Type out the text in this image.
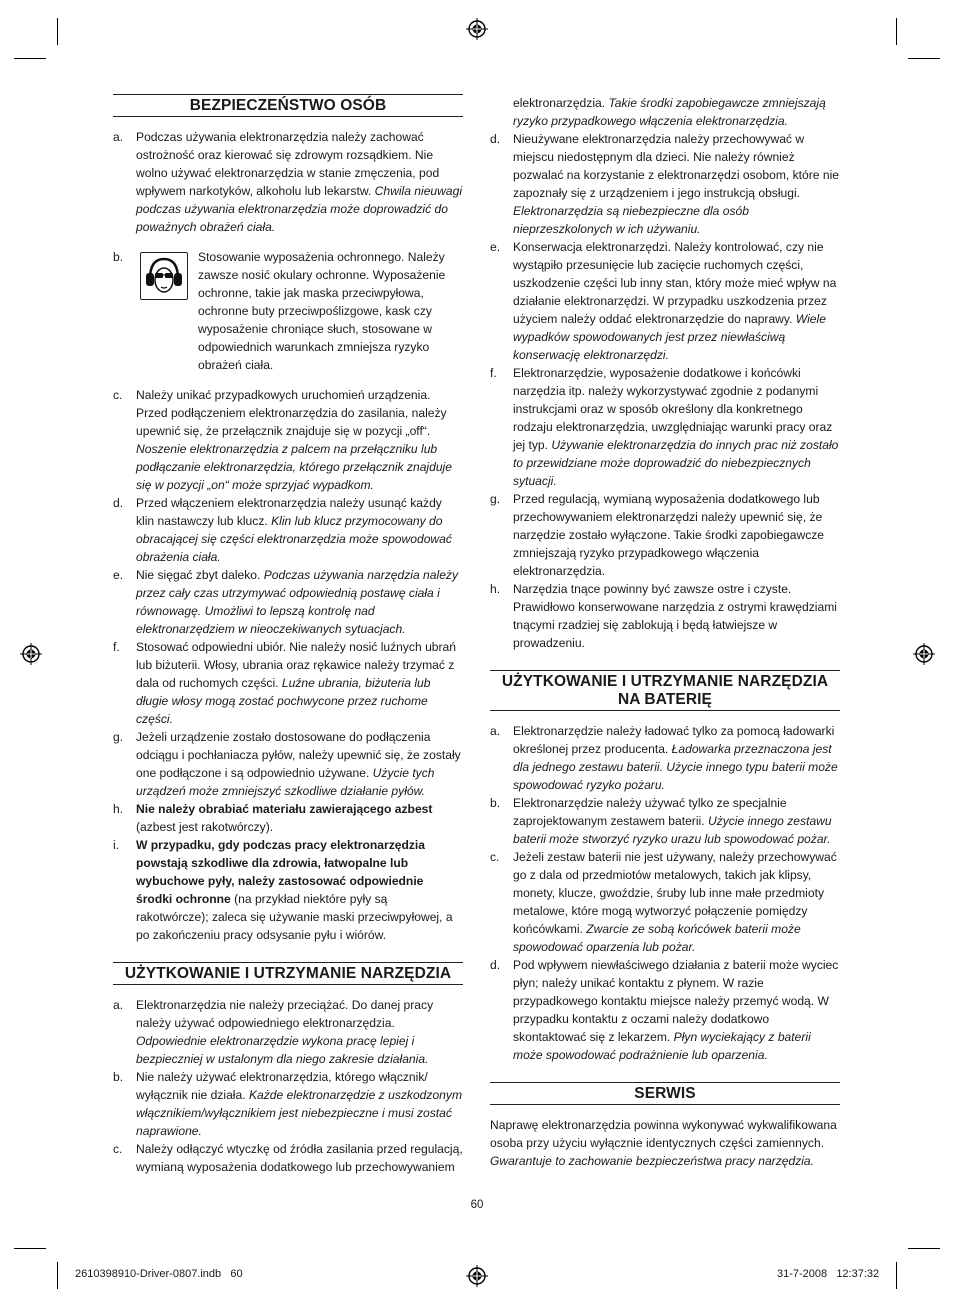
BEZPIECZEŃSTWO OSÓB
a. Podczas używania elektronarzędzia należy zachować ostrożność oraz kierować się zdrowym rozsądkiem. Nie wolno używać elektronarzędzia w stanie zmęczenia, pod wpływem narkotyków, alkoholu lub lekarstw. Chwila nieuwagi podczas używania elektronarzędzia może doprowadzić do poważnych obrażeń ciała.

b.	Stosowanie wyposażenia ochronnego. Należy zawsze nosić okulary ochronne. Wyposażenie ochronne, takie jak maska przeciwpyłowa, ochronne buty przeciwpoślizgowe, kask czy wyposażenie chroniące słuch, stosowane w odpowiednich warunkach zmniejsza ryzyko obrażeń ciała.

c. Należy unikać przypadkowych uruchomień urządzenia. Przed podłączeniem elektronarzędzia do zasilania, należy upewnić się, że przełącznik znajduje się w pozycji „off“. Noszenie elektronarzędzia z palcem na przełączniku lub podłączanie elektronarzędzia, którego przełącznik znajduje się w pozycji „on“ może sprzyjać wypadkom.

d. Przed włączeniem elektronarzędzia należy usunąć każdy klin nastawczy lub klucz. Klin lub klucz przymocowany do obracającej się części elektronarzędzia może spowodować obrażenia ciała.

e. Nie sięgać zbyt daleko. Podczas używania narzędzia należy przez cały czas utrzymywać odpowiednią postawę ciała i równowagę. Umożliwi to lepszą kontrolę nad elektronarzędziem w nieoczekiwanych sytuacjach.

f. Stosować odpowiedni ubiór. Nie należy nosić luźnych ubrań lub biżuterii. Włosy, ubrania oraz rękawice należy trzymać z dala od ruchomych części. Luźne ubrania, biżuteria lub długie włosy mogą zostać pochwycone przez ruchome części.

g. Jeżeli urządzenie zostało dostosowane do podłączenia odciągu i pochłaniacza pyłów, należy upewnić się, że zostały one podłączone i są odpowiednio używane. Użycie tych urządzeń może zmniejszyć szkodliwe działanie pyłów.

h. Nie należy obrabiać materiału zawierającego azbest (azbest jest rakotwórczy).

i. W przypadku, gdy podczas pracy elektronarzędzia powstają szkodliwe dla zdrowia, łatwopalne lub wybuchowe pyły, należy zastosować odpowiednie środki ochronne (na przykład niektóre pyły są rakotwórcze); zaleca się używanie maski przeciwpyłowej, a po zakończeniu pracy odsysanie pyłu i wiórów.

UŻYTKOWANIE I UTRZYMANIE NARZĘDZIA
a. Elektronarzędzia nie należy przeciążać. Do danej pracy należy używać odpowiedniego elektronarzędzia. Odpowiednie elektronarzędzie wykona pracę lepiej i bezpieczniej w ustalonym dla niego zakresie działania.

b. Nie należy używać elektronarzędzia, którego włącznik/ wyłącznik nie działa. Każde elektronarzędzie z uszkodzonym włącznikiem/wyłącznikiem jest niebezpieczne i musi zostać naprawione.

c. Należy odłączyć wtyczkę od źródła zasilania przed regulacją, wymianą wyposażenia dodatkowego lub przechowywaniem

elektronarzędzia. Takie środki zapobiegawcze zmniejszają ryzyko przypadkowego włączenia elektronarzędzia.

d. Nieużywane elektronarzędzia należy przechowywać w miejscu niedostępnym dla dzieci. Nie należy również pozwalać na korzystanie z elektronarzędzi osobom, które nie zapoznały się z urządzeniem i jego instrukcją obsługi. Elektronarzędzia są niebezpieczne dla osób nieprzeszkolonych w ich używaniu.

e. Konserwacja elektronarzędzi. Należy kontrolować, czy nie wystąpiło przesunięcie lub zacięcie ruchomych części, uszkodzenie części lub inny stan, który może mieć wpływ na działanie elektronarzędzi. W przypadku uszkodzenia przez użyciem należy oddać elektronarzędzie do naprawy. Wiele wypadków spowodowanych jest przez niewłaściwą konserwację elektronarzędzi.

f. Elektronarzędzie, wyposażenie dodatkowe i końcówki narzędzia itp. należy wykorzystywać zgodnie z podanymi instrukcjami oraz w sposób określony dla konkretnego rodzaju elektronarzędzia, uwzględniając warunki pracy oraz jej typ. Używanie elektronarzędzia do innych prac niż zostało to przewidziane może doprowadzić do niebezpiecznych sytuacji.

g. Przed regulacją, wymianą wyposażenia dodatkowego lub przechowywaniem elektronarzędzi należy upewnić się, że narzędzie zostało wyłączone. Takie środki zapobiegawcze zmniejszają ryzyko przypadkowego włączenia elektronarzędzia.

h. Narzędzia tnące powinny być zawsze ostre i czyste. Prawidłowo konserwowane narzędzia z ostrymi krawędziami tnącymi rzadziej się zablokują i będą łatwiejsze w prowadzeniu.

UŻYTKOWANIE I UTRZYMANIE NARZĘDZIA NA BATERIĘ
a. Elektronarzędzie należy ładować tylko za pomocą ładowarki określonej przez producenta. Ładowarka przeznaczona jest dla jednego zestawu baterii. Użycie innego typu baterii może spowodować ryzyko pożaru.

b. Elektronarzędzie należy używać tylko ze specjalnie zaprojektowanym zestawem baterii. Użycie innego zestawu baterii może stworzyć ryzyko urazu lub spowodować pożar.

c. Jeżeli zestaw baterii nie jest używany, należy przechowywać go z dala od przedmiotów metalowych, takich jak klipsy, monety, klucze, gwoździe, śruby lub inne małe przedmioty metalowe, które mogą wytworzyć połączenie pomiędzy końcówkami. Zwarcie ze sobą końcówek baterii może spowodować oparzenia lub pożar.

d. Pod wpływem niewłaściwego działania z baterii może wyciec płyn; należy unikać kontaktu z płynem. W razie przypadkowego kontaktu miejsce należy przemyć wodą. W przypadku kontaktu z oczami należy dodatkowo skontaktować się z lekarzem. Płyn wyciekający z baterii może spowodować podrażnienie lub oparzenia.

SERWIS

Naprawę elektronarzędzia powinna wykonywać wykwalifikowana osoba przy użyciu wyłącznie identycznych części zamiennych. Gwarantuje to zachowanie bezpieczeństwa pracy narzędzia.

60
2610398910-Driver-0807.indb   60	31-7-2008   12:37:32
